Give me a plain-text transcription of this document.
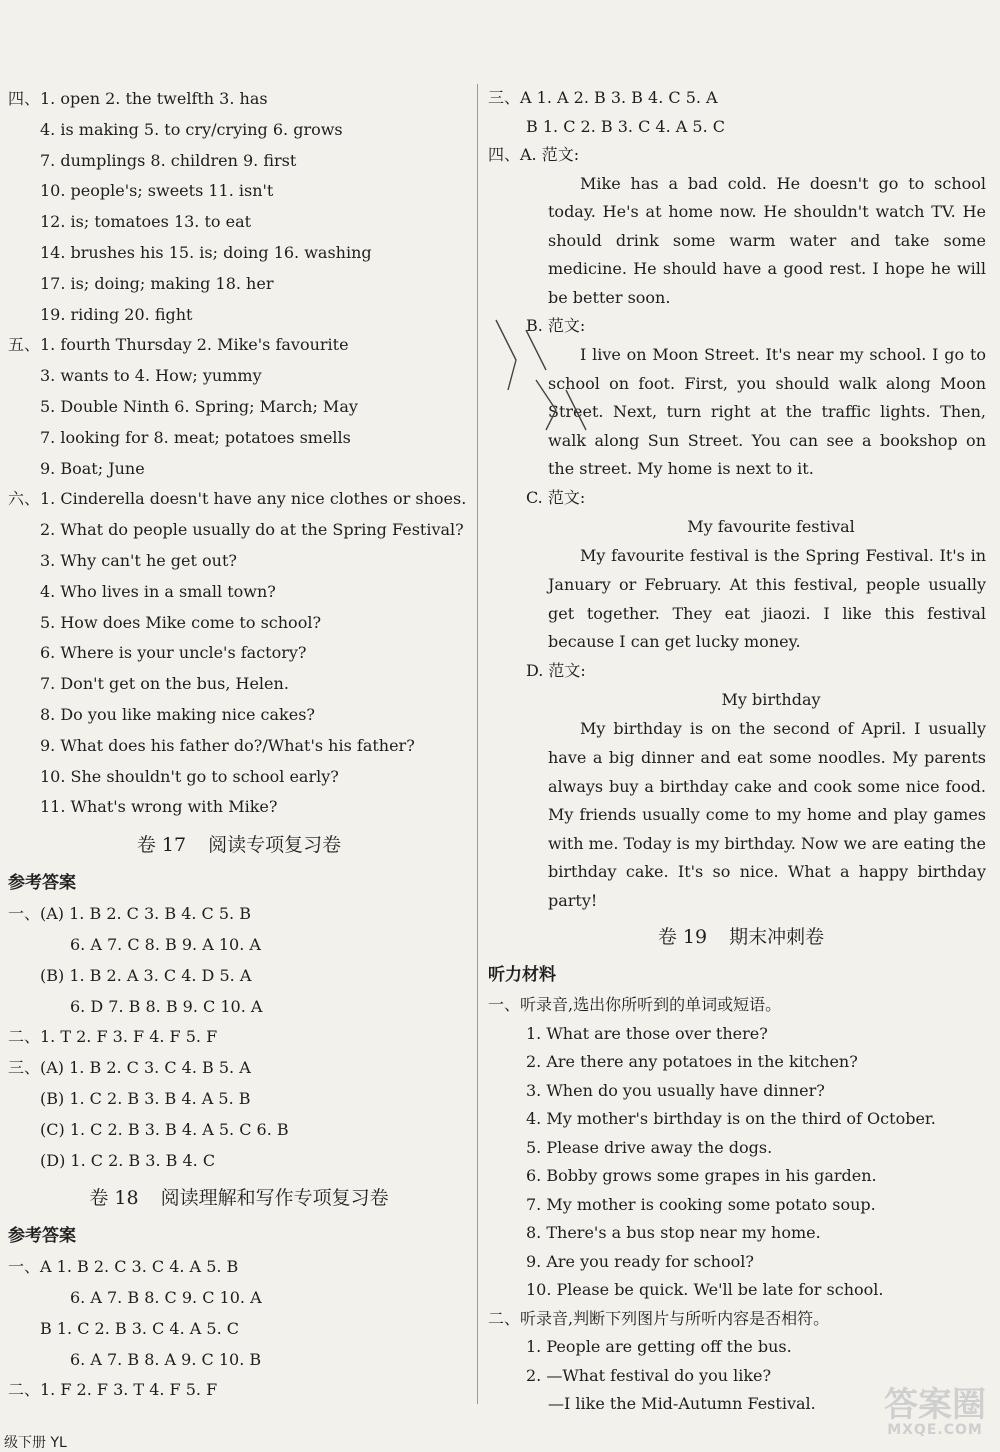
四、1. open 2. the twelfth 3. has
4. is making 5. to cry/crying 6. grows
7. dumplings 8. children 9. first
10. people's; sweets 11. isn't
12. is; tomatoes 13. to eat
14. brushes his 15. is; doing 16. washing
17. is; doing; making 18. her
19. riding 20. fight
五、1. fourth Thursday 2. Mike's favourite
3. wants to 4. How; yummy
5. Double Ninth 6. Spring; March; May
7. looking for 8. meat; potatoes smells
9. Boat; June
六、1. Cinderella doesn't have any nice clothes or shoes.
2. What do people usually do at the Spring Festival?
3. Why can't he get out?
4. Who lives in a small town?
5. How does Mike come to school?
6. Where is your uncle's factory?
7. Don't get on the bus, Helen.
8. Do you like making nice cakes?
9. What does his father do?/What's his father?
10. She shouldn't go to school early?
11. What's wrong with Mike?
卷 17 阅读专项复习卷
参考答案
一、(A) 1. B 2. C 3. B 4. C 5. B
6. A 7. C 8. B 9. A 10. A
(B) 1. B 2. A 3. C 4. D 5. A
6. D 7. B 8. B 9. C 10. A
二、1. T 2. F 3. F 4. F 5. F
三、(A) 1. B 2. C 3. C 4. B 5. A
(B) 1. C 2. B 3. B 4. A 5. B
(C) 1. C 2. B 3. B 4. A 5. C 6. B
(D) 1. C 2. B 3. B 4. C
卷 18 阅读理解和写作专项复习卷
参考答案
一、A 1. B 2. C 3. C 4. A 5. B
6. A 7. B 8. C 9. C 10. A
B 1. C 2. B 3. C 4. A 5. C
6. A 7. B 8. A 9. C 10. B
二、1. F 2. F 3. T 4. F 5. F
三、A 1. A 2. B 3. B 4. C 5. A
B 1. C 2. B 3. C 4. A 5. C
四、A. 范文:
Mike has a bad cold. He doesn't go to school today. He's at home now. He shouldn't watch TV. He should drink some warm water and take some medicine. He should have a good rest. I hope he will be better soon.
B. 范文:
I live on Moon Street. It's near my school. I go to school on foot. First, you should walk along Moon Street. Next, turn right at the traffic lights. Then, walk along Sun Street. You can see a bookshop on the street. My home is next to it.
C. 范文:
My favourite festival
My favourite festival is the Spring Festival. It's in January or February. At this festival, people usually get together. They eat jiaozi. I like this festival because I can get lucky money.
D. 范文:
My birthday
My birthday is on the second of April. I usually have a big dinner and eat some noodles. My parents always buy a birthday cake and cook some nice food. My friends usually come to my home and play games with me. Today is my birthday. Now we are eating the birthday cake. It's so nice. What a happy birthday party!
卷 19 期末冲刺卷
听力材料
一、听录音,选出你所听到的单词或短语。
1. What are those over there?
2. Are there any potatoes in the kitchen?
3. When do you usually have dinner?
4. My mother's birthday is on the third of October.
5. Please drive away the dogs.
6. Bobby grows some grapes in his garden.
7. My mother is cooking some potato soup.
8. There's a bus stop near my home.
9. Are you ready for school?
10. Please be quick. We'll be late for school.
二、听录音,判断下列图片与所听内容是否相符。
1. People are getting off the bus.
2. —What festival do you like?
—I like the Mid-Autumn Festival.
级下册 YL
答案圈
MXQE.COM
